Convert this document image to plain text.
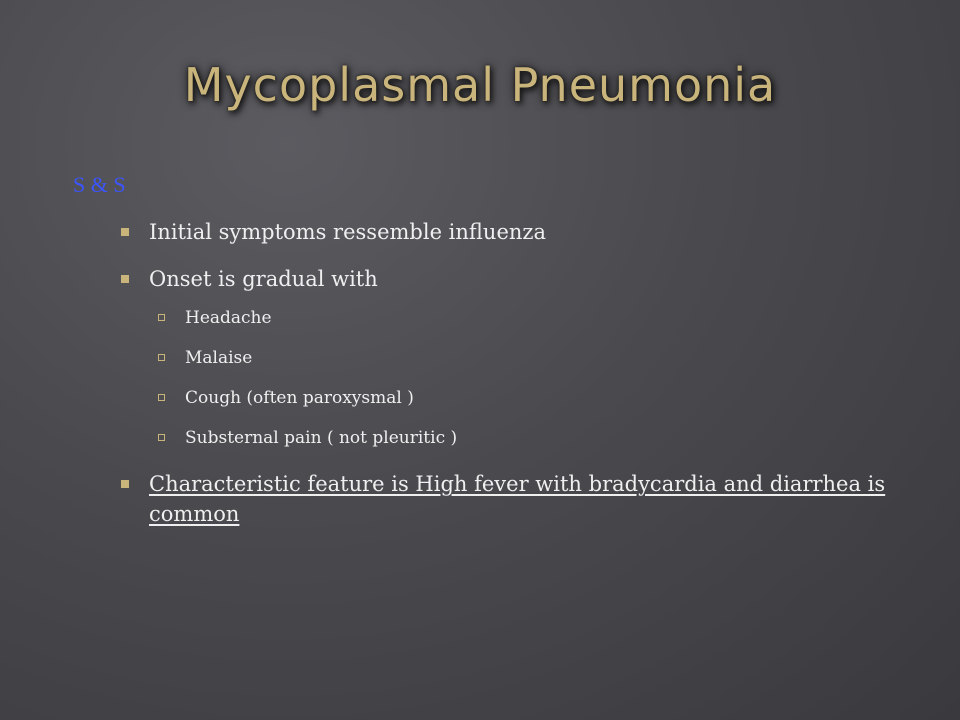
Mycoplasmal Pneumonia
S & S
Initial symptoms ressemble influenza
Onset is gradual with
Headache
Malaise
Cough (often paroxysmal )
Substernal pain ( not pleuritic )
Characteristic feature is High fever with bradycardia and diarrhea is common
